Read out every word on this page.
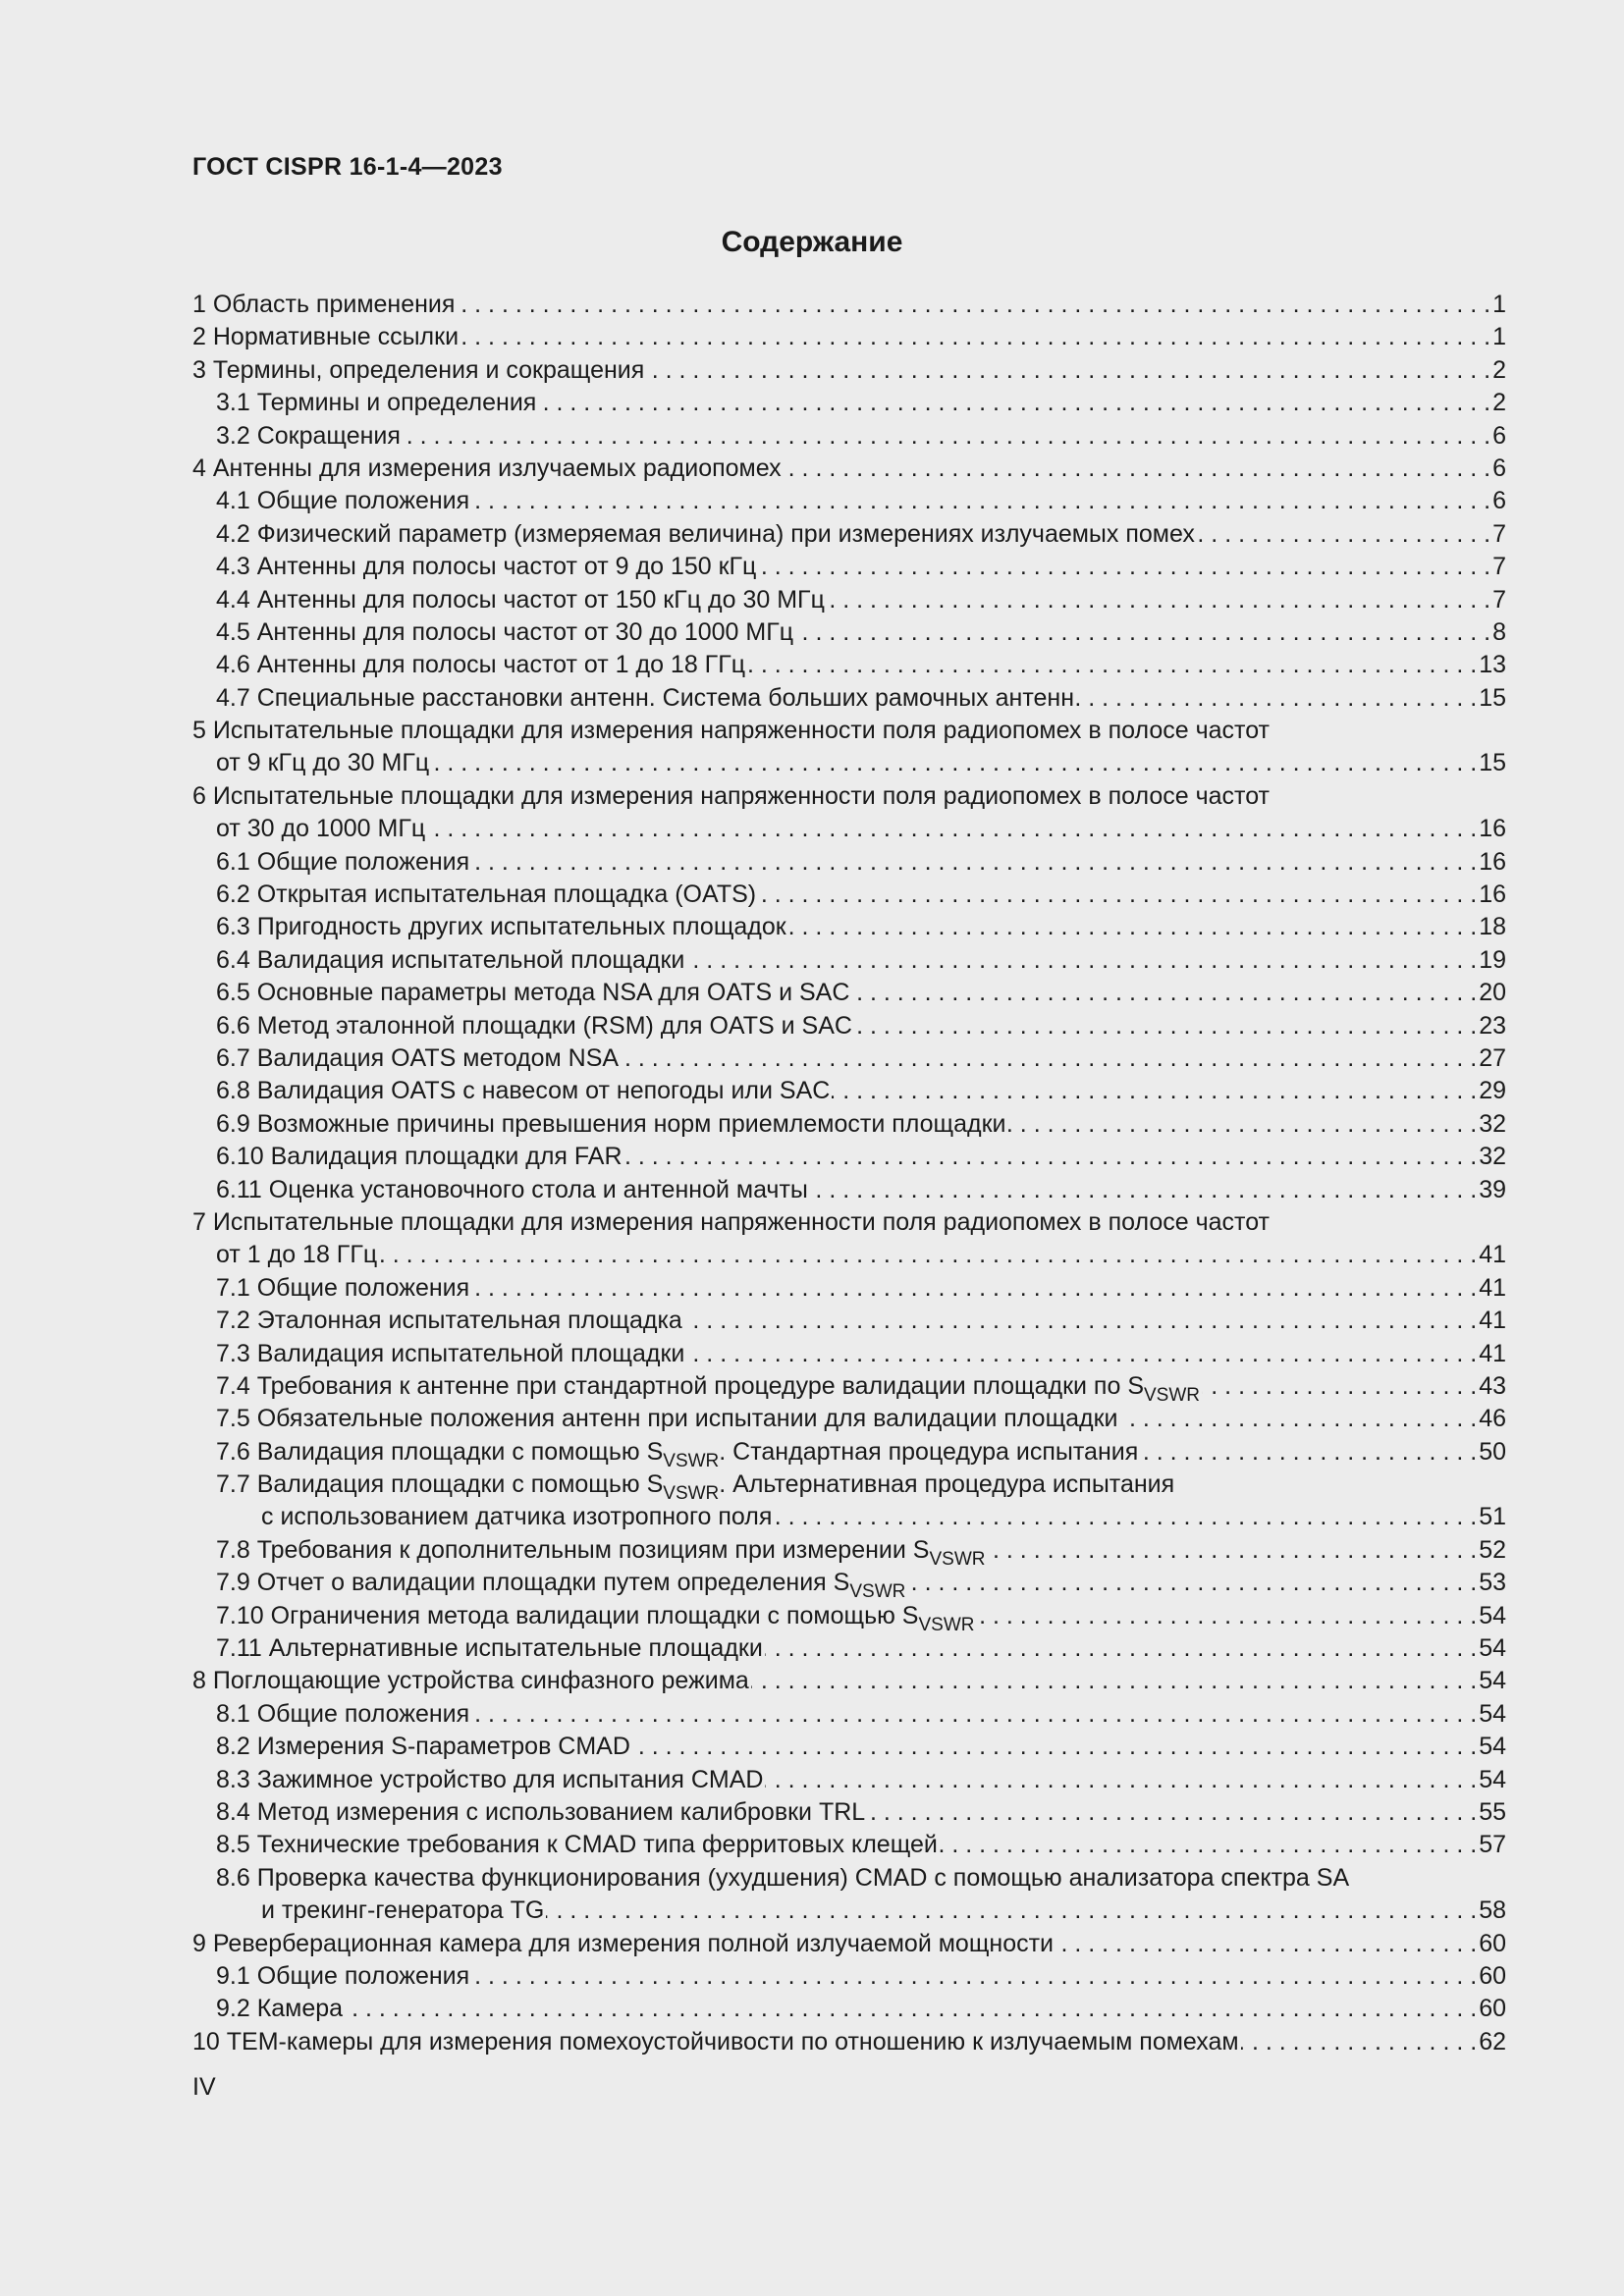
ГОСТ CISPR 16-1-4—2023
Содержание
1 Область применения . . .	1
2 Нормативные ссылки . . .	1
3 Термины, определения и сокращения . . .	2
3.1 Термины и определения . . .	2
3.2 Сокращения . . .	6
4 Антенны для измерения излучаемых радиопомех . . .	6
4.1 Общие положения . . .	6
4.2 Физический параметр (измеряемая величина) при измерениях излучаемых помех . . .	7
4.3 Антенны для полосы частот от 9 до 150 кГц . . .	7
4.4 Антенны для полосы частот от 150 кГц до 30 МГц . . .	7
4.5 Антенны для полосы частот от 30 до 1000 МГц . . .	8
4.6 Антенны для полосы частот от 1 до 18 ГГц . . .	13
4.7 Специальные расстановки антенн. Система больших рамочных антенн . . .	15
5 Испытательные площадки для измерения напряженности поля радиопомех в полосе частот
от 9 кГц до 30 МГц . . .	15
6 Испытательные площадки для измерения напряженности поля радиопомех в полосе частот
от 30 до 1000 МГц . . .	16
6.1 Общие положения . . .	16
6.2 Открытая испытательная площадка (OATS) . . .	16
6.3 Пригодность других испытательных площадок . . .	18
6.4 Валидация испытательной площадки . . .	19
6.5 Основные параметры метода NSA для OATS и SAC . . .	20
6.6 Метод эталонной площадки (RSM) для OATS и SAC . . .	23
6.7 Валидация OATS методом NSA . . .	27
6.8 Валидация OATS с навесом от непогоды или SAC . . .	29
6.9 Возможные причины превышения норм приемлемости площадки . . .	32
6.10 Валидация площадки для FAR . . .	32
6.11 Оценка установочного стола и антенной мачты . . .	39
7 Испытательные площадки для измерения напряженности поля радиопомех в полосе частот
от 1 до 18 ГГц . . .	41
7.1 Общие положения . . .	41
7.2 Эталонная испытательная площадка . . .	41
7.3 Валидация испытательной площадки . . .	41
7.4 Требования к антенне при стандартной процедуре валидации площадки по $S_{VSWR}$ . . .	43
7.5 Обязательные положения антенн при испытании для валидации площадки . . .	46
7.6 Валидация площадки с помощью $S_{VSWR}$. Стандартная процедура испытания . . .	50
7.7 Валидация площадки с помощью $S_{VSWR}$. Альтернативная процедура испытания
с использованием датчика изотропного поля . . .	51
7.8 Требования к дополнительным позициям при измерении $S_{VSWR}$ . . .	52
7.9 Отчет о валидации площадки путем определения $S_{VSWR}$ . . .	53
7.10 Ограничения метода валидации площадки с помощью $S_{VSWR}$ . . .	54
7.11 Альтернативные испытательные площадки . . .	54
8 Поглощающие устройства синфазного режима . . .	54
8.1 Общие положения . . .	54
8.2 Измерения S-параметров CMAD . . .	54
8.3 Зажимное устройство для испытания CMAD . . .	54
8.4 Метод измерения с использованием калибровки TRL . . .	55
8.5 Технические требования к CMAD типа ферритовых клещей . . .	57
8.6 Проверка качества функционирования (ухудшения) CMAD с помощью анализатора спектра SA
и трекинг-генератора TG . . .	58
9 Реверберационная камера для измерения полной излучаемой мощности . . .	60
9.1 Общие положения . . .	60
9.2 Камера . . .	60
10 ТЕМ-камеры для измерения помехоустойчивости по отношению к излучаемым помехам . . .	62
IV
